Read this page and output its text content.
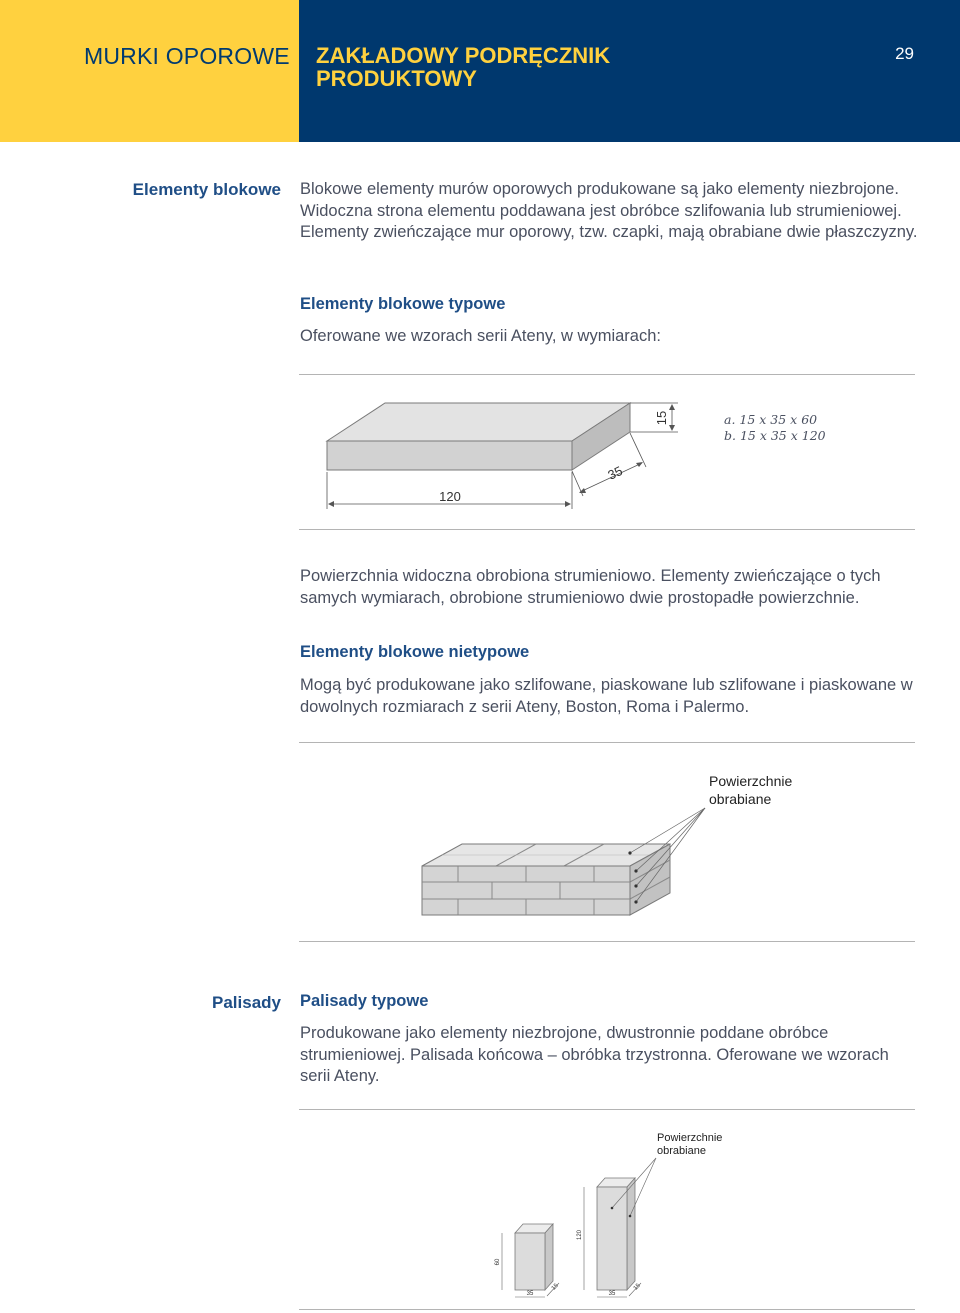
MURKI OPOROWE ZAKŁADOWY PODRĘCZNIK PRODUKTOWY
29
Elementy blokowe Blokowe elementy murów oporowych produkowane są jako elementy niezbrojone. Widoczna strona elementu poddawana jest obróbce szlifowania lub strumieniowej. Elementy zwieńczające mur oporowy, tzw. czapki, mają obrabiane dwie płaszczyzny.
Elementy blokowe typowe
Oferowane we wzorach serii Ateny, w wymiarach:
15
120
35
a. 15 x 35 x 60
b. 15 x 35 x 120
Powierzchnia widoczna obrobiona strumieniowo. Elementy zwieńczające o tych samych wymiarach, obrobione strumieniowo dwie prostopadłe powierzchnie.
Elementy blokowe nietypowe
Mogą być produkowane jako szlifowane, piaskowane lub szlifowane i piaskowane w dowolnych rozmiarach z serii Ateny, Boston, Roma i Palermo.
Powierzchnie
obrabiane
Palisady Palisady typowe
Produkowane jako elementy niezbrojone, dwustronnie poddane obróbce strumieniowej. Palisada końcowa – obróbka trzystronna. Oferowane we wzorach serii Ateny.
60
35
15
120
35
15
Powierzchnie
obrabiane
